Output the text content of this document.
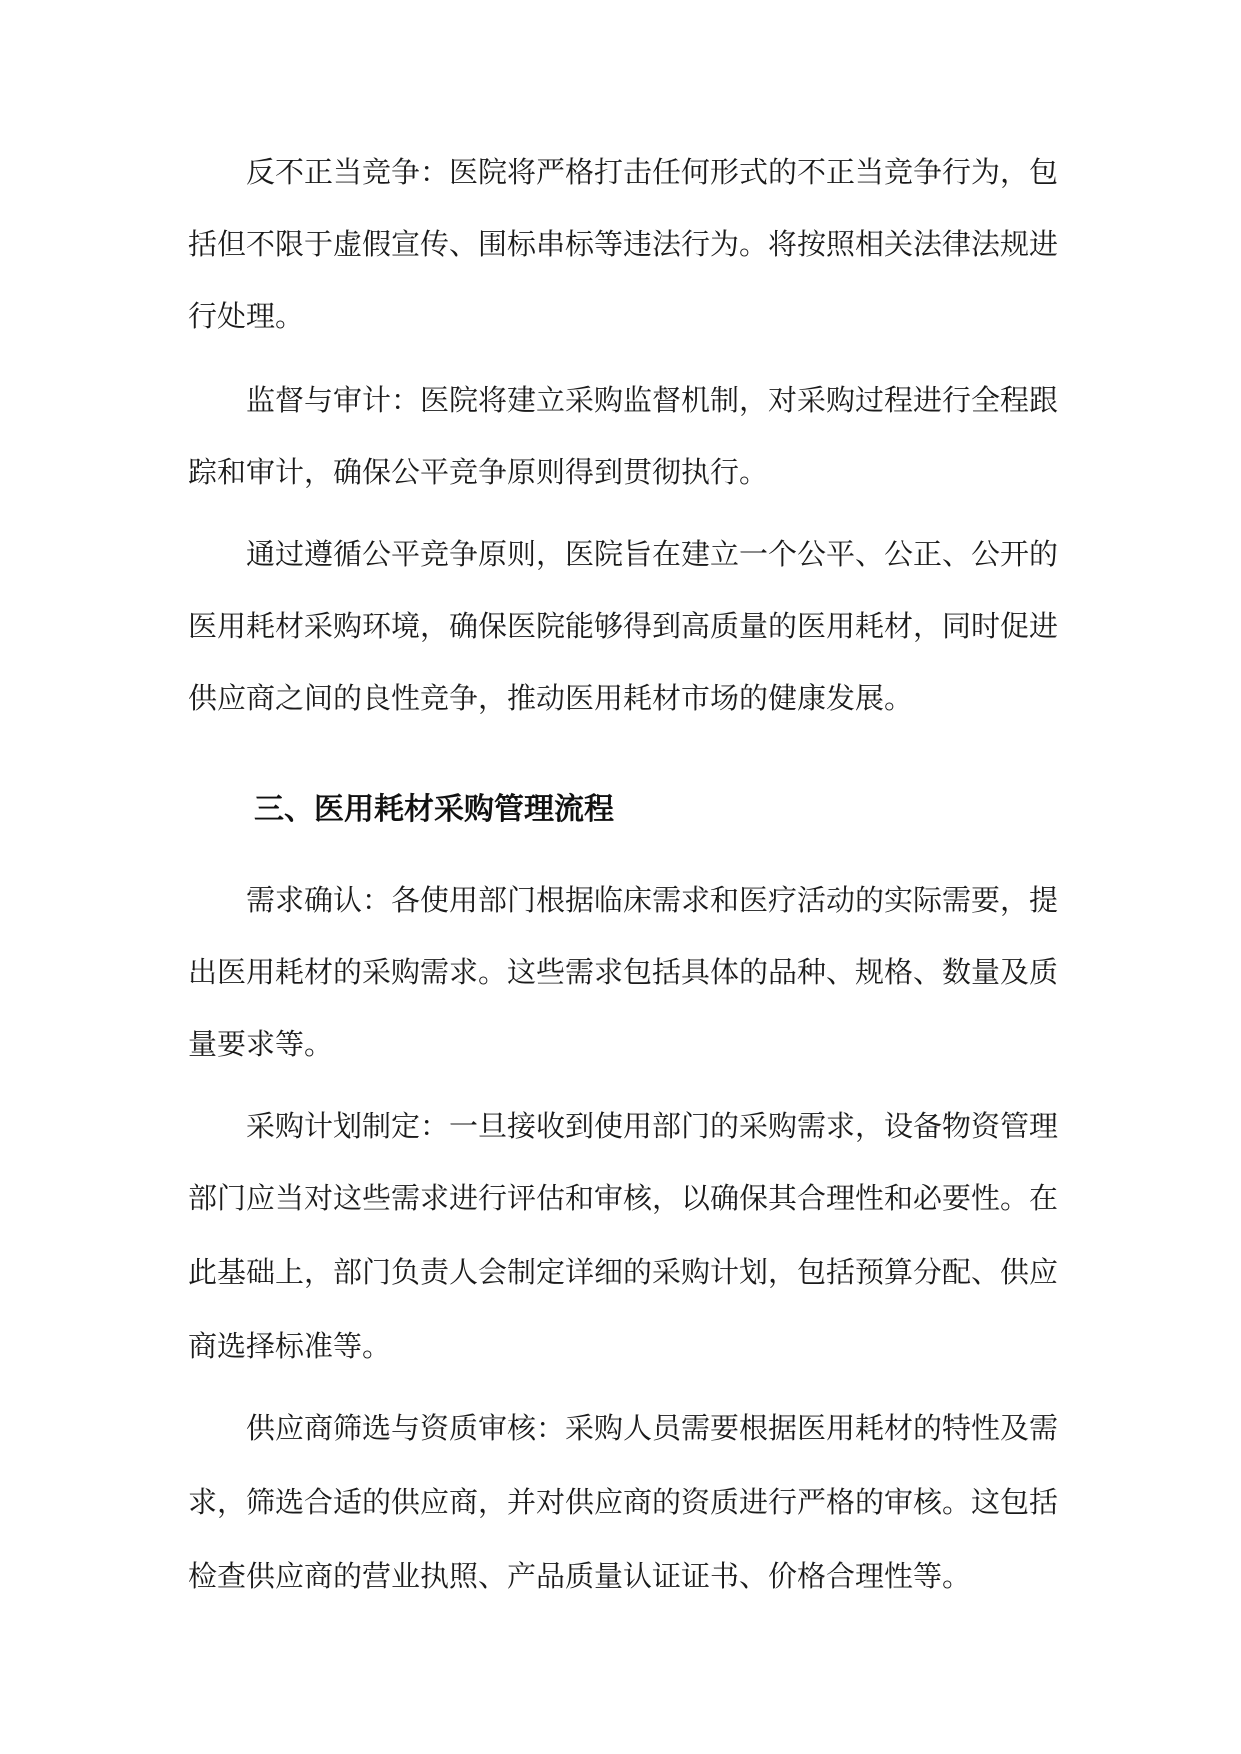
反不正当竞争：医院将严格打击任何形式的不正当竞争行为，包
括但不限于虚假宣传、围标串标等违法行为。将按照相关法律法规进
行处理。
监督与审计：医院将建立采购监督机制，对采购过程进行全程跟
踪和审计，确保公平竞争原则得到贯彻执行。
通过遵循公平竞争原则，医院旨在建立一个公平、公正、公开的
医用耗材采购环境，确保医院能够得到高质量的医用耗材，同时促进
供应商之间的良性竞争，推动医用耗材市场的健康发展。
三、医用耗材采购管理流程
需求确认：各使用部门根据临床需求和医疗活动的实际需要，提
出医用耗材的采购需求。这些需求包括具体的品种、规格、数量及质
量要求等。
采购计划制定：一旦接收到使用部门的采购需求，设备物资管理
部门应当对这些需求进行评估和审核，以确保其合理性和必要性。在
此基础上，部门负责人会制定详细的采购计划，包括预算分配、供应
商选择标准等。
供应商筛选与资质审核：采购人员需要根据医用耗材的特性及需
求，筛选合适的供应商，并对供应商的资质进行严格的审核。这包括
检查供应商的营业执照、产品质量认证证书、价格合理性等。
